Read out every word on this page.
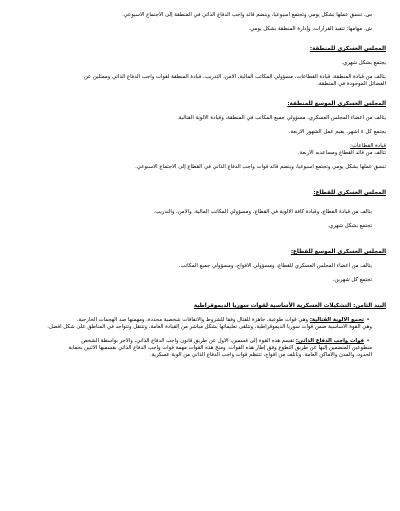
س. تنسق عملها بشكل يومي وتجتمع اسبوعياً، وينضم قائد واجب الدفاع الذاتي في المنطقة إلى الاجتماع الاسبوعي.
ش. مهامها: تنفيذ القرارات، وإدارة المنطقة بشكل يومي.
المجلس العسكري للمنطقة:
يجتمع بشكل شهري.
يتألف من قيادة المنطقة، قيادة القطاعات، مسؤولي المكاتب المالية، الأمن، التدريب، قيادة المنطقة لقوات واجب الدفاع الذاتي وممثلين عن
الفصائل الموجودة في المنطقة.
المجلس العسكري الموسع للمنطقة:
يتألف من أعضاء المجلس العسكري، مسؤولي جميع المكاتب في المنطقة، وقيادة الألوية القتالية.
يجتمع كل ٤ أشهر. يقيم عمل الشهور الأربعة.
قيادة القطاعات:
تتألف من قائد القطاع ومساعديه الأربعة.
تنسق عملها بشكل يومي وتجتمع اسبوعياً، وينضم قائد قوات واجب الدفاع الذاتي في القطاع إلى الاجتماع الاسبوعي.
المجلس العسكري للقطاع:
يتألف من قيادة القطاع، وقيادة كافة الألوية في القطاع، ومسؤولي المكاتب المالية، والأمن، والتدريب.
تجتمع بشكل شهري.
المجلس العسكري الموسع للقطاع:
يتألف من أعضاء المجلس العسكري للقطاع، ومسؤولي الأفواج، ومسؤولي جميع المكاتب.
تجتمع كل شهرين.
البند الثامن: التشكيلات العسكرية الأساسية لقوات سوريا الديموقراطية
•تجمع الألوية القتالية: وهي قوات طوعية، جاهزة للقتال وفقاً للشروط والاتفاقات شخصية محددة، ومهمتها صد الهجمات الخارجية،
وهي القوة الأساسية ضمن قوات سوريا الديموقراطية، وتتلقى تعليماتها بشكل مباشر من القيادة العامة، وتتنقل وتتواجد في المناطق على شكل أفضل.
•قوات واجب الدفاع الذاتي: تقسم هذه القوة إلى قسمين، الأول عن طريق قانون واجب الدفاع الذاتي، والآخر بواسطة الشخص
منطوعين المنضمين إليها عن طريق التطوع وفق إطار هذه القوات. ومنح هذه القوات مهمة قوات واجب الدفاع الذاتي بقسميها الاثنين بحماية
الحدود، والمدن والأماكن العامة. وبأنلف من أفواج، تنتظم قوات واجب الدفاع الذاتي من ألوية عسكرية.
